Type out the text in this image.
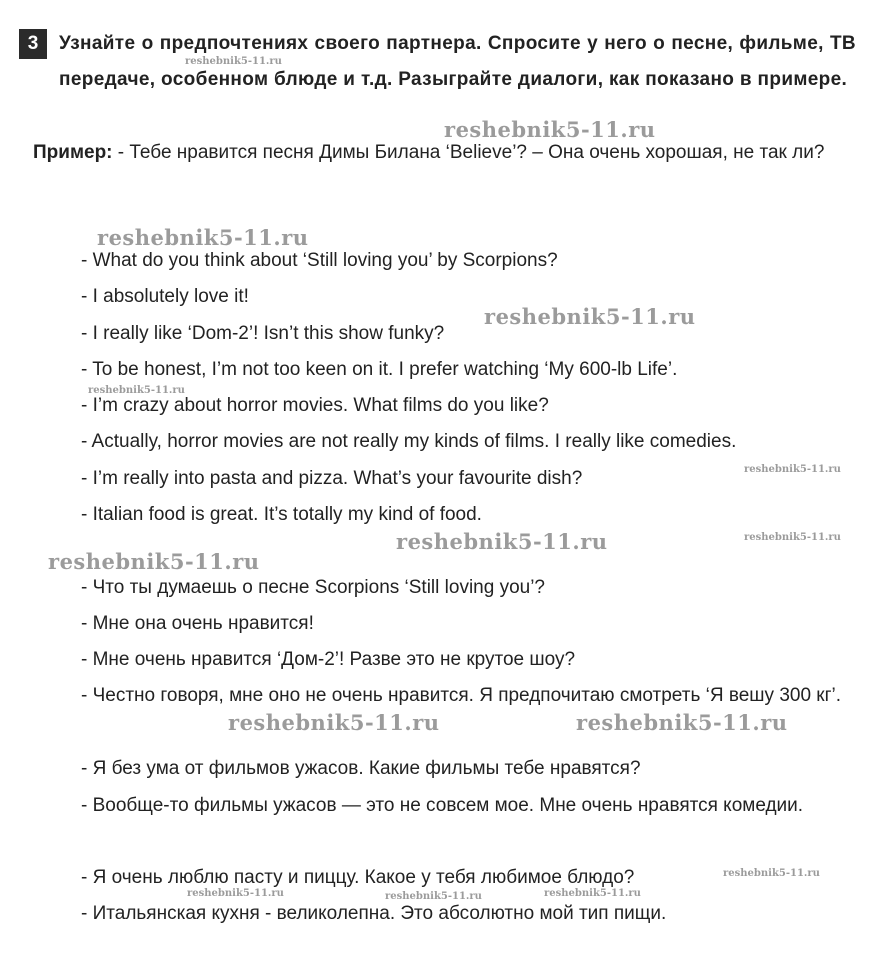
3	Узнайте о предпочтениях своего партнера. Спросите у него о песне, фильме, ТВ передаче, особенном блюде и т.д. Разыграйте диалоги, как показано в примере.

Пример: - Тебе нравится песня Димы Билана ‘Believe’? – Она очень хорошая, не так ли?

- What do you think about ‘Still loving you’ by Scorpions?

- I absolutely love it!

- I really like ‘Dom-2’! Isn’t this show funky?

- To be honest, I’m not too keen on it. I prefer watching ‘My 600-lb Life’.

- I’m crazy about horror movies. What films do you like?

- Actually, horror movies are not really my kinds of films. I really like comedies.

- I’m really into pasta and pizza. What’s your favourite dish?

- Italian food is great. It’s totally my kind of food.

- Что ты думаешь о песне Scorpions ‘Still loving you’?

- Мне она очень нравится!

- Мне очень нравится ‘Дом-2’! Разве это не крутое шоу?

- Честно говоря, мне оно не очень нравится. Я предпочитаю смотреть ‘Я вешу 300 кг’.

- Я без ума от фильмов ужасов. Какие фильмы тебе нравятся?

- Вообще-то фильмы ужасов — это не совсем мое. Мне очень нравятся комедии.

- Я очень люблю пасту и пиццу. Какое у тебя любимое блюдо?

- Итальянская кухня - великолепна. Это абсолютно мой тип пищи.

reshebnik5-11.ru
reshebnik5-11.ru
reshebnik5-11.ru
reshebnik5-11.ru
reshebnik5-11.ru
reshebnik5-11.ru
reshebnik5-11.ru
reshebnik5-11.ru
reshebnik5-11.ru
reshebnik5-11.ru	reshebnik5-11.ru
reshebnik5-11.ru
reshebnik5-11.ru	reshebnik5-11.ru	reshebnik5-11.ru
